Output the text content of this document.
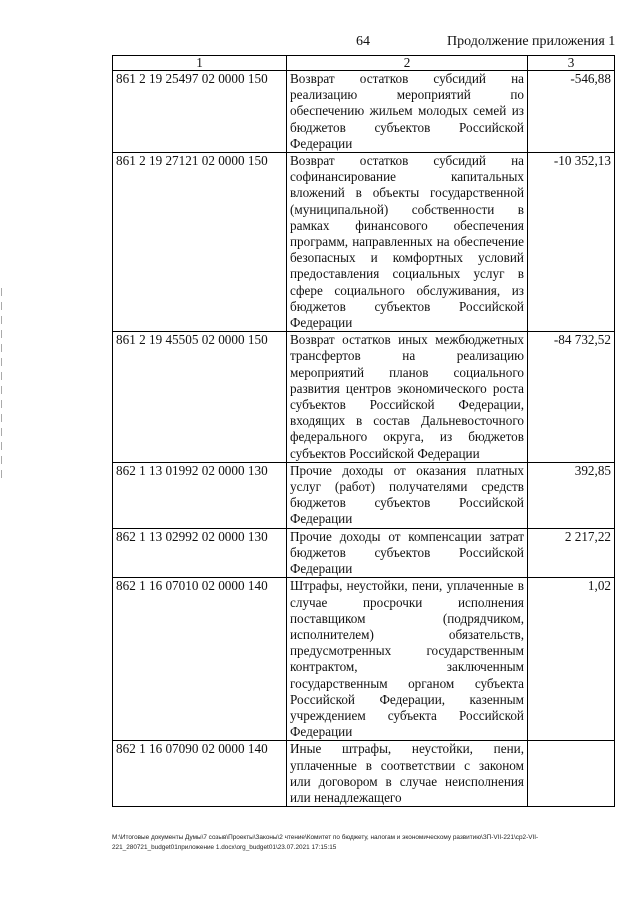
64	Продолжение приложения 1
1	2	3
861 2 19 25497 02 0000 150	Возврат остатков субсидий на реализацию мероприятий по обеспечению жильем молодых семей из бюджетов субъектов Российской Федерации	-546,88
861 2 19 27121 02 0000 150	Возврат остатков субсидий на софинансирование капитальных вложений в объекты государственной (муниципальной) собственности в рамках финансового обеспечения программ, направленных на обеспечение безопасных и комфортных условий предоставления социальных услуг в сфере социального обслуживания, из бюджетов субъектов Российской Федерации	-10 352,13
861 2 19 45505 02 0000 150	Возврат остатков иных межбюджетных трансфертов на реализацию мероприятий планов социального развития центров экономического роста субъектов Российской Федерации, входящих в состав Дальневосточного федерального округа, из бюджетов субъектов Российской Федерации	-84 732,52
862 1 13 01992 02 0000 130	Прочие доходы от оказания платных услуг (работ) получателями средств бюджетов субъектов Российской Федерации	392,85
862 1 13 02992 02 0000 130	Прочие доходы от компенсации затрат бюджетов субъектов Российской Федерации	2 217,22
862 1 16 07010 02 0000 140	Штрафы, неустойки, пени, уплаченные в случае просрочки исполнения поставщиком (подрядчиком, исполнителем) обязательств, предусмотренных государственным контрактом, заключенным государственным органом субъекта Российской Федерации, казенным учреждением субъекта Российской Федерации	1,02
862 1 16 07090 02 0000 140	Иные штрафы, неустойки, пени, уплаченные в соответствии с законом или договором в случае неисполнения или ненадлежащего	
M:\Итоговые документы Думы\7 созыв\Проекты\Законы\2 чтение\Комитет по бюджету, налогам и экономическому развитию\ЗП-VII-221\ср2-VII-221_280721_budget01приложение 1.docx\org_budget01\23.07.2021 17:15:15
